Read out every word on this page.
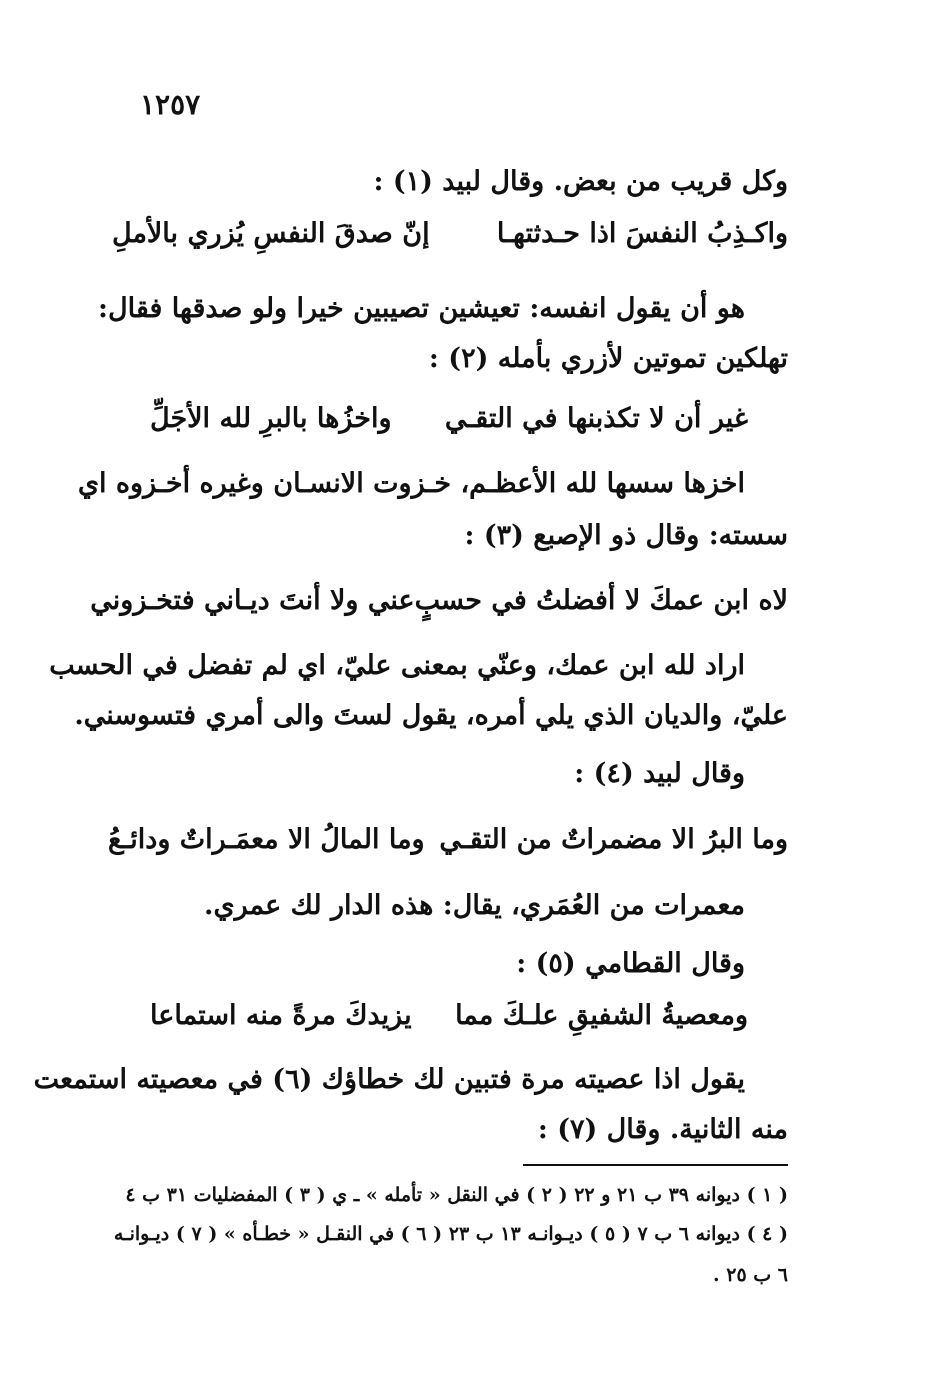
١٢٥٧
وكل قريب من بعض. وقال لبيد (١) :
واكـذِبُ النفسَ اذا حـدثتهـا
إنّ صدقَ النفسِ يُزري بالأملِ
هو أن يقول انفسه: تعيشين تصيبين خيرا ولو صدقها فقال:
تهلكين تموتين لأزري بأمله (٢) :
غير أن لا تكذبنها في التقـي
واخزُها بالبرِ لله الأجَلِّ
اخزها سسها لله الأعظـم، خـزوت الانسـان وغيره أخـزوه اي
سسته: وقال ذو الإصبع (٣) :
لاه ابن عمكَ لا أفضلتُ في حسبٍ
عني ولا أنتَ ديـاني فتخـزوني
اراد لله ابن عمك، وعنّي بمعنى عليّ، اي لم تفضل في الحسب
عليّ، والديان الذي يلي أمره، يقول لستَ والى أمري فتسوسني.
وقال لبيد (٤) :
وما البرُ الا مضمراتٌ من التقـي
وما المالُ الا معمَـراتٌ ودائـعُ
معمرات من العُمَري، يقال: هذه الدار لك عمري.
وقال القطامي (٥) :
ومعصيةُ الشفيقِ علـكَ مما
يزيدكَ مرةً منه استماعا
يقول اذا عصيته مرة فتبين لك خطاؤك (٦) في معصيته استمعت
منه الثانية. وقال (٧) :
( ١ ) ديوانه ٣٩ ب ٢١ و ٢٢ ( ٢ ) في النقل « تأمله » ـ ي ( ٣ ) المفضليات ٣١ ب ٤
( ٤ ) ديوانه ٦ ب ٧ ( ٥ ) ديـوانـه ١٣ ب ٢٣ ( ٦ ) في النقـل « خطـأه » ( ٧ ) ديـوانـه
٦ ب ٢٥ .
